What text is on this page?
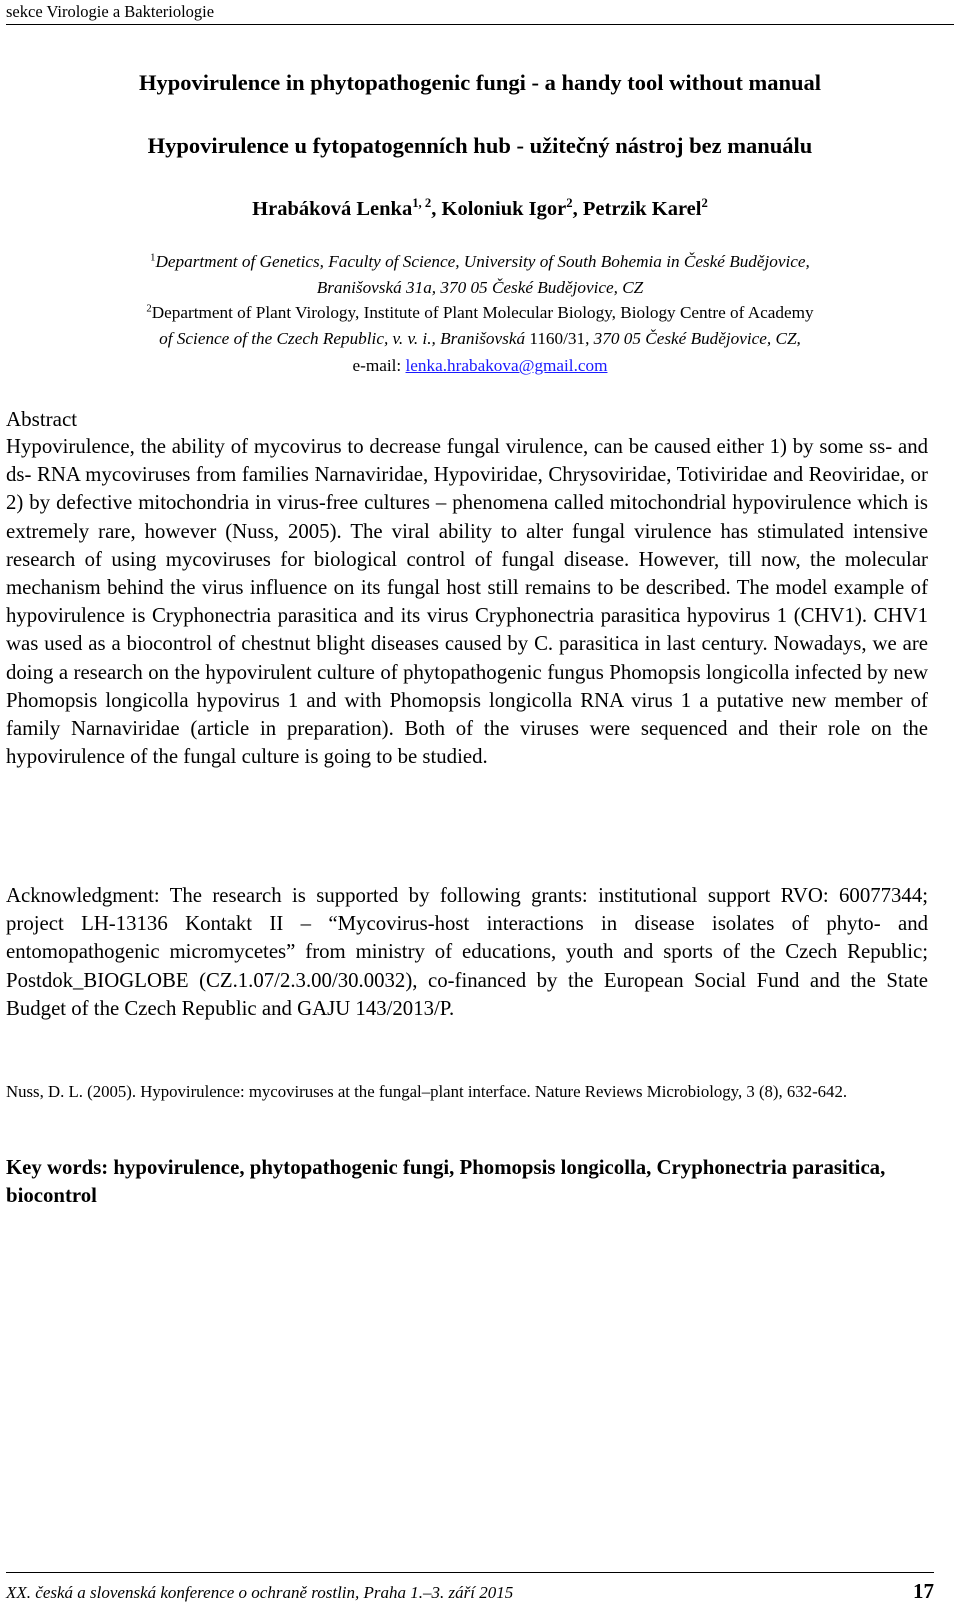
sekce Virologie a Bakteriologie
Hypovirulence in phytopathogenic fungi - a handy tool without manual
Hypovirulence u fytopatogenních hub - užitečný nástroj bez manuálu
Hrabáková Lenka$^{1, 2}$, Koloniuk Igor$^2$, Petrzik Karel$^2$
$^1$Department of Genetics, Faculty of Science, University of South Bohemia in České Budějovice,
Branišovská 31a, 370 05 České Budějovice, CZ
$^2$Department of Plant Virology, Institute of Plant Molecular Biology, Biology Centre of Academy
of Science of the Czech Republic, v. v. i., Branišovská 1160/31, 370 05 České Budějovice, CZ,
e-mail: lenka.hrabakova@gmail.com
Abstract
Hypovirulence, the ability of mycovirus to decrease fungal virulence, can be caused either 1) by some ss- and ds- RNA mycoviruses from families Narnaviridae, Hypoviridae, Chrysoviridae, Totiviridae and Reoviridae, or 2) by defective mitochondria in virus-free cultures – phenomena called mitochondrial hypovirulence which is extremely rare, however (Nuss, 2005). The viral ability to alter fungal virulence has stimulated intensive research of using mycoviruses for biological control of fungal disease. However, till now, the molecular mechanism behind the virus influence on its fungal host still remains to be described. The model example of hypovirulence is Cryphonectria parasitica and its virus Cryphonectria parasitica hypovirus 1 (CHV1). CHV1 was used as a biocontrol of chestnut blight diseases caused by C. parasitica in last century. Nowadays, we are doing a research on the hypovirulent culture of phytopathogenic fungus Phomopsis longicolla infected by new Phomopsis longicolla hypovirus 1 and with Phomopsis longicolla RNA virus 1 a putative new member of family Narnaviridae (article in preparation). Both of the viruses were sequenced and their role on the hypovirulence of the fungal culture is going to be studied.
Acknowledgment: The research is supported by following grants: institutional support RVO: 60077344; project LH-13136 Kontakt II – “Mycovirus-host interactions in disease isolates of phyto- and entomopathogenic micromycetes” from ministry of educations, youth and sports of the Czech Republic; Postdok_BIOGLOBE (CZ.1.07/2.3.00/30.0032), co-financed by the European Social Fund and the State Budget of the Czech Republic and GAJU 143/2013/P.
Nuss, D. L. (2005). Hypovirulence: mycoviruses at the fungal–plant interface. Nature Reviews Microbiology, 3 (8), 632-642.
Key words: hypovirulence, phytopathogenic fungi, Phomopsis longicolla, Cryphonectria parasitica, biocontrol
XX. česká a slovenská konference o ochraně rostlin, Praha 1.–3. září 2015	17
